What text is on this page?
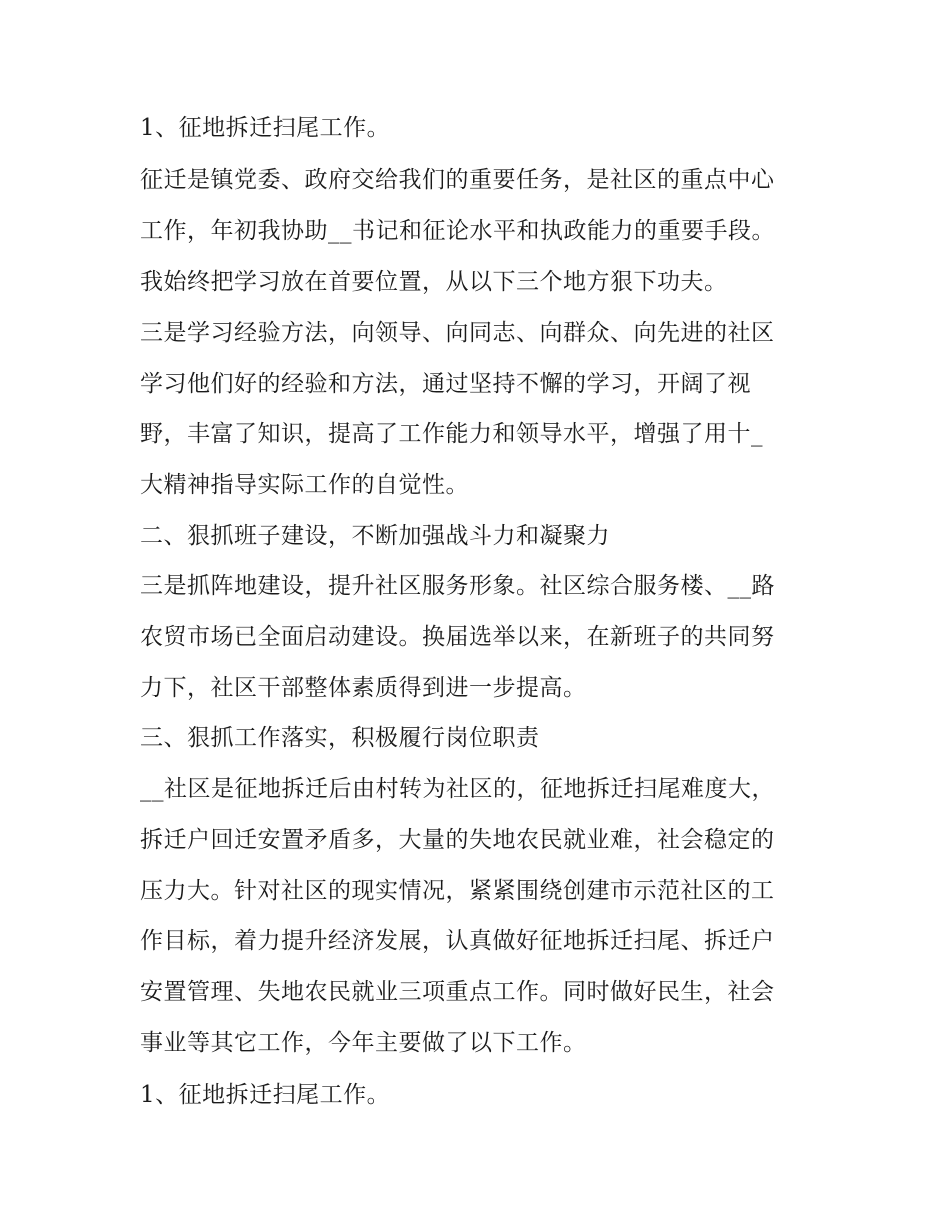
1、征地拆迁扫尾工作。

征迁是镇党委、政府交给我们的重要任务，是社区的重点中心

工作，年初我协助__书记和征论水平和执政能力的重要手段。

我始终把学习放在首要位置，从以下三个地方狠下功夫。

三是学习经验方法，向领导、向同志、向群众、向先进的社区

学习他们好的经验和方法，通过坚持不懈的学习，开阔了视

野，丰富了知识，提高了工作能力和领导水平，增强了用十_

大精神指导实际工作的自觉性。

二、狠抓班子建设，不断加强战斗力和凝聚力

三是抓阵地建设，提升社区服务形象。社区综合服务楼、__路

农贸市场已全面启动建设。换届选举以来，在新班子的共同努

力下，社区干部整体素质得到进一步提高。

三、狠抓工作落实，积极履行岗位职责

__社区是征地拆迁后由村转为社区的，征地拆迁扫尾难度大，

拆迁户回迁安置矛盾多，大量的失地农民就业难，社会稳定的

压力大。针对社区的现实情况，紧紧围绕创建市示范社区的工

作目标，着力提升经济发展，认真做好征地拆迁扫尾、拆迁户

安置管理、失地农民就业三项重点工作。同时做好民生，社会

事业等其它工作，今年主要做了以下工作。

1、征地拆迁扫尾工作。
